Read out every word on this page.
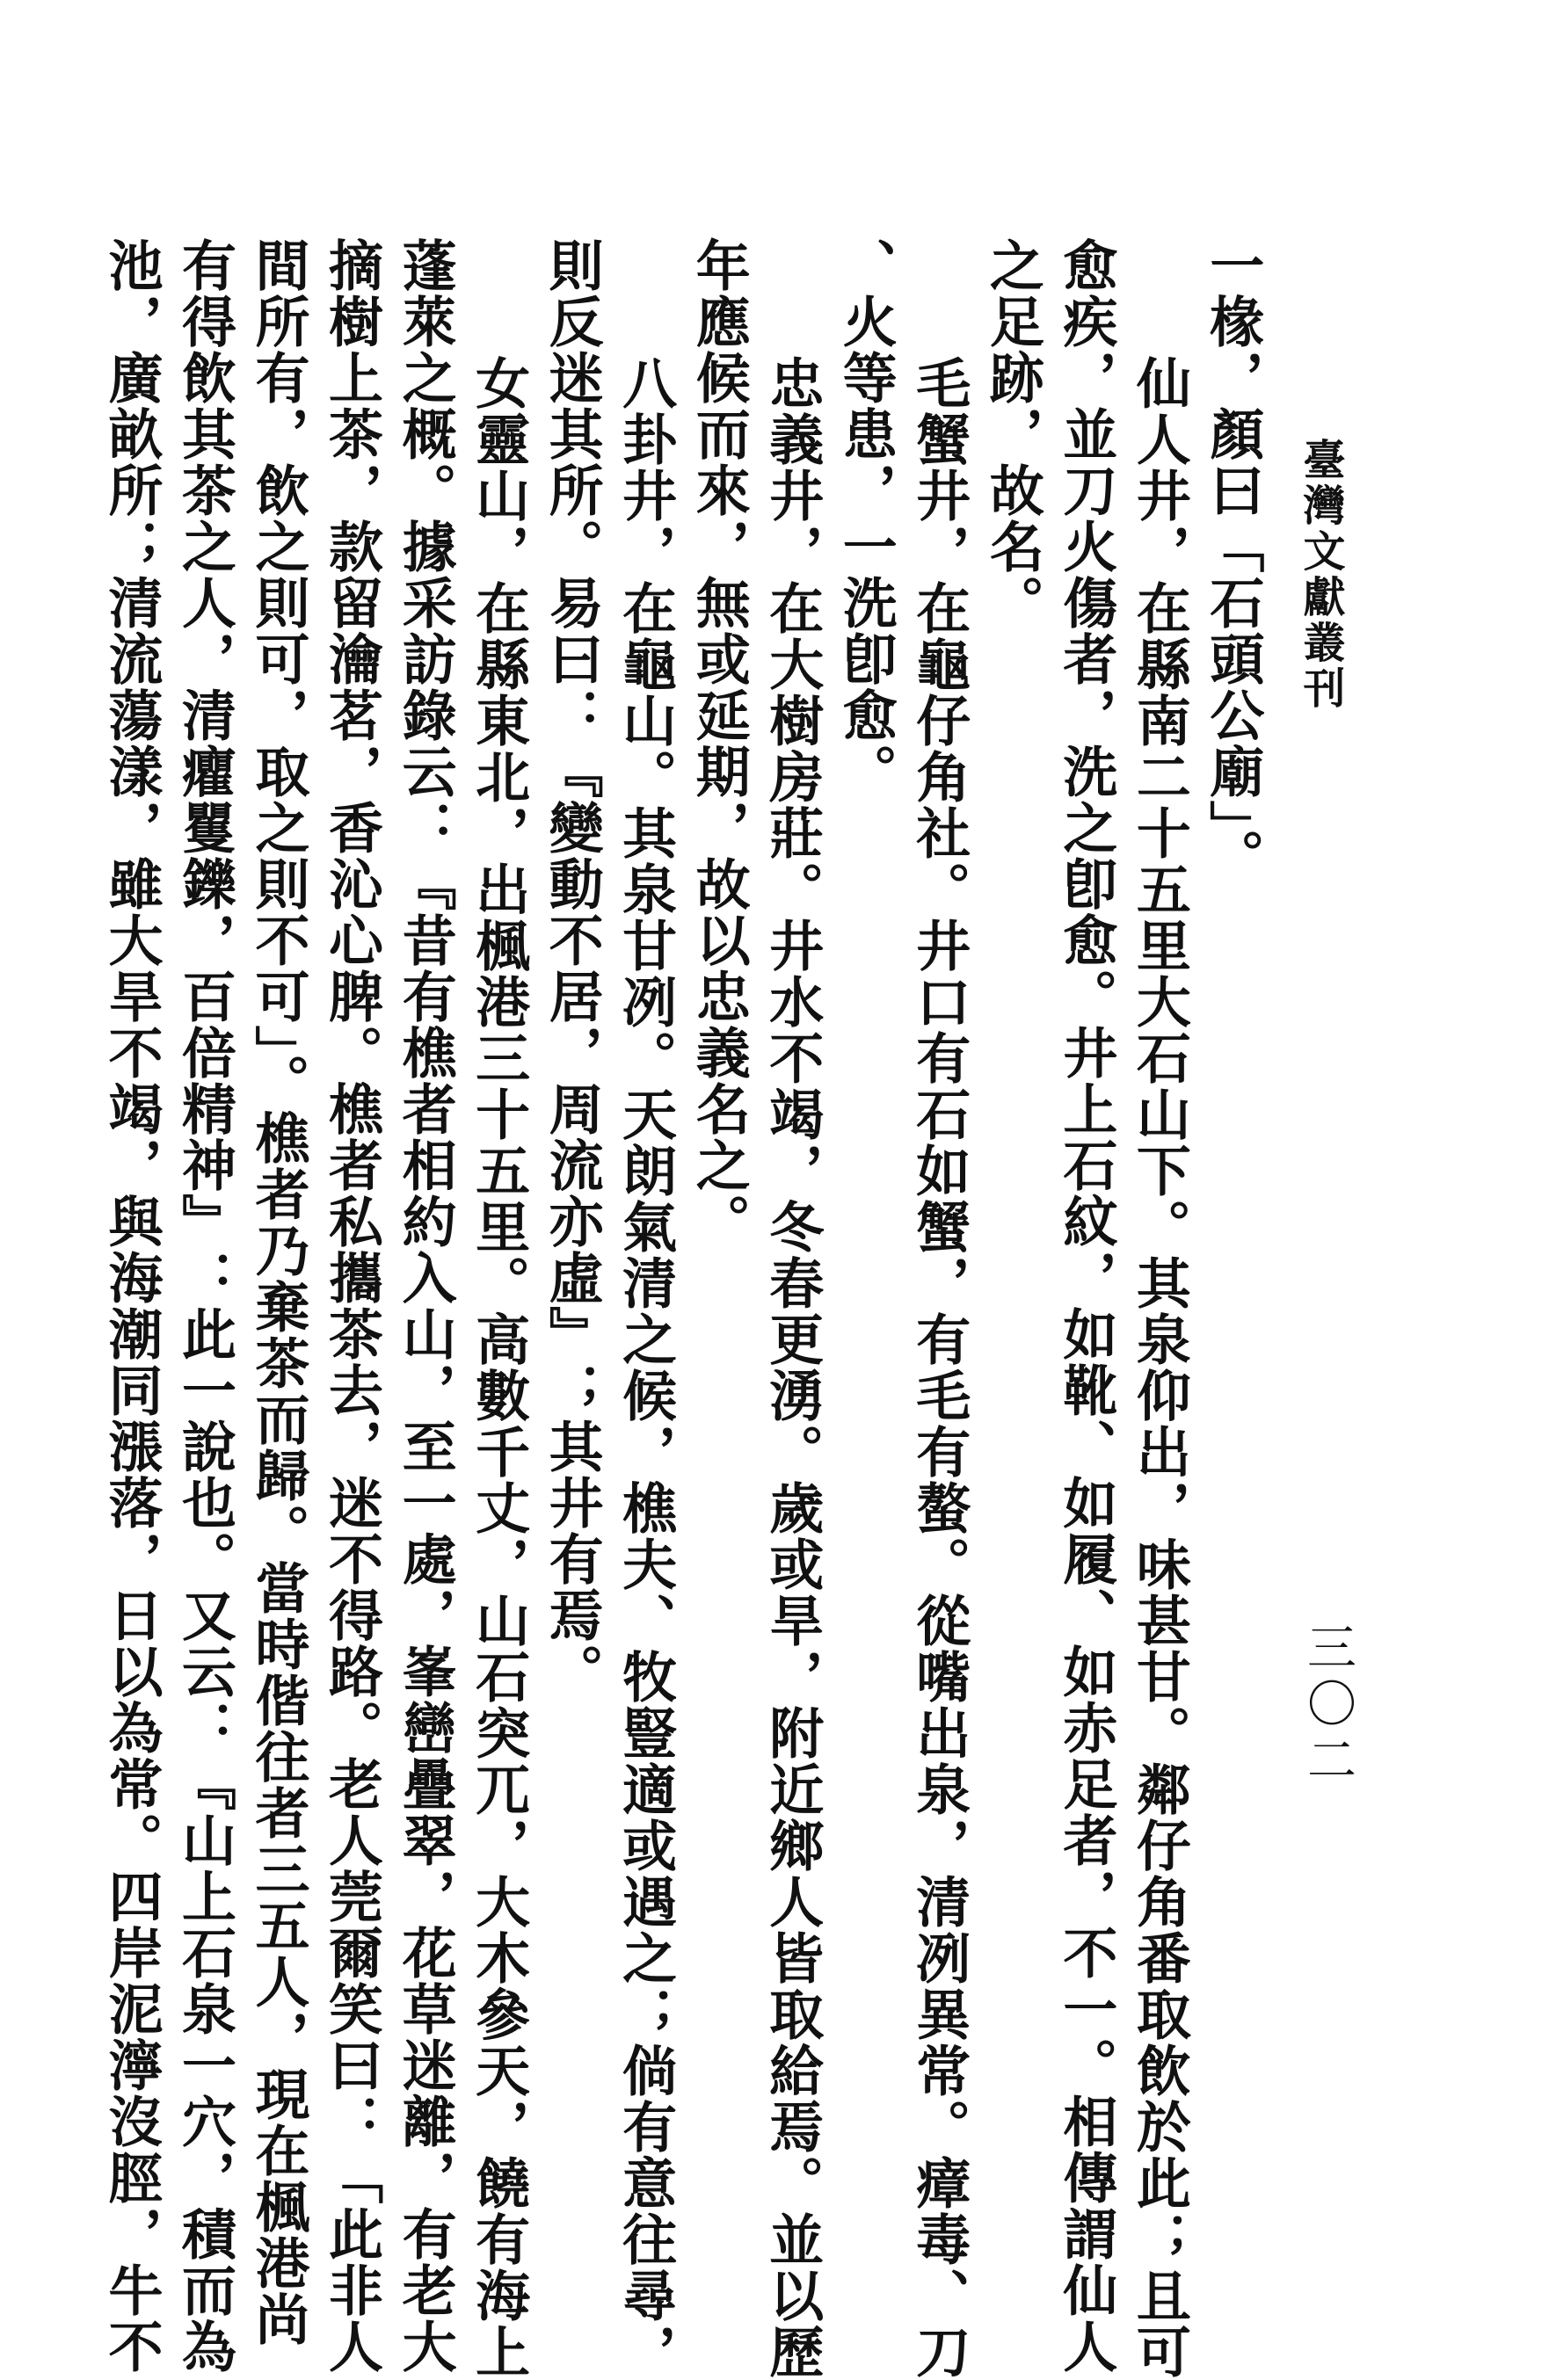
臺灣文獻叢刊
三〇二
一椽，顏曰「石頭公廟」。
仙人井，在縣南二十五里大石山下。其泉仰出，味甚甘。鄰仔角番取飲於此；且可
愈疾，並刀火傷者，洗之卽愈。井上石紋，如靴、如履、如赤足者，不一。相傳謂仙人
之足跡，故名。
毛蟹井，在龜仔角社。井口有石如蟹，有毛有螯。從嘴出泉，清冽異常。瘴毒、刀
、火等患，一洗卽愈。
忠義井，在大樹房莊。井水不竭，冬春更湧。歲或旱，附近鄉人皆取給焉。並以歷
年應候而來，無或延期，故以忠義名之。
八卦井，在龜山。其泉甘冽。天朗氣清之候，樵夫、牧豎適或遇之；倘有意往尋，
則反迷其所。易曰：『變動不居，周流亦虛』；其井有焉。
女靈山，在縣東北，出楓港三十五里。高數千丈，山石突兀，大木參天，饒有海上
蓬萊之概。據采訪錄云：『昔有樵者相約入山，至一處，峯巒疊翠，花草迷離，有老大
摘樹上茶，款留瀹茗，香沁心脾。樵者私攜茶去，迷不得路。老人莞爾笑曰：「此非人
間所有，飲之則可，取之則不可」。樵者乃棄茶而歸。當時偕往者三五人，現在楓港尚
有得飲其茶之人，清癯矍鑠，百倍精神』：此一說也。又云：『山上石泉一穴，積而為
池，廣畝所；清流蕩漾，雖大旱不竭，與海潮同漲落，日以為常。四岸泥濘沒脛，牛不
